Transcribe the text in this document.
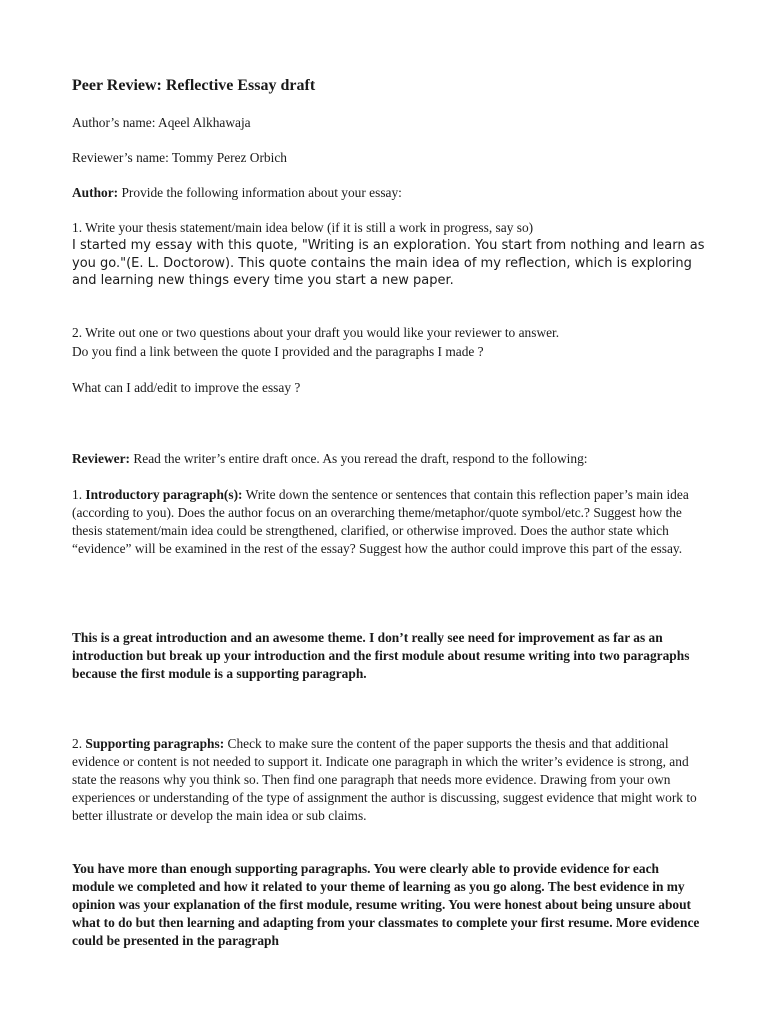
Peer Review: Reflective Essay draft
Author’s name: Aqeel Alkhawaja
Reviewer’s name: Tommy Perez Orbich
Author: Provide the following information about your essay:
1. Write your thesis statement/main idea below (if it is still a work in progress, say so)
I started my essay with this quote, "Writing is an exploration. You start from nothing and learn as you go."(E. L. Doctorow). This quote contains the main idea of my reflection, which is exploring and learning new things every time you start a new paper.
2. Write out one or two questions about your draft you would like your reviewer to answer.
Do you find a link between the quote I provided and the paragraphs I made ?
What can I add/edit to improve the essay ?
Reviewer: Read the writer’s entire draft once. As you reread the draft, respond to the following:
1. Introductory paragraph(s): Write down the sentence or sentences that contain this reflection paper’s main idea (according to you). Does the author focus on an overarching theme/metaphor/quote symbol/etc.? Suggest how the thesis statement/main idea could be strengthened, clarified, or otherwise improved. Does the author state which “evidence” will be examined in the rest of the essay? Suggest how the author could improve this part of the essay.
This is a great introduction and an awesome theme. I don’t really see need for improvement as far as an introduction but break up your introduction and the first module about resume writing into two paragraphs because the first module is a supporting paragraph.
2. Supporting paragraphs: Check to make sure the content of the paper supports the thesis and that additional evidence or content is not needed to support it. Indicate one paragraph in which the writer’s evidence is strong, and state the reasons why you think so. Then find one paragraph that needs more evidence. Drawing from your own experiences or understanding of the type of assignment the author is discussing, suggest evidence that might work to better illustrate or develop the main idea or sub claims.
You have more than enough supporting paragraphs. You were clearly able to provide evidence for each module we completed and how it related to your theme of learning as you go along. The best evidence in my opinion was your explanation of the first module, resume writing. You were honest about being unsure about what to do but then learning and adapting from your classmates to complete your first resume. More evidence could be presented in the paragraph
